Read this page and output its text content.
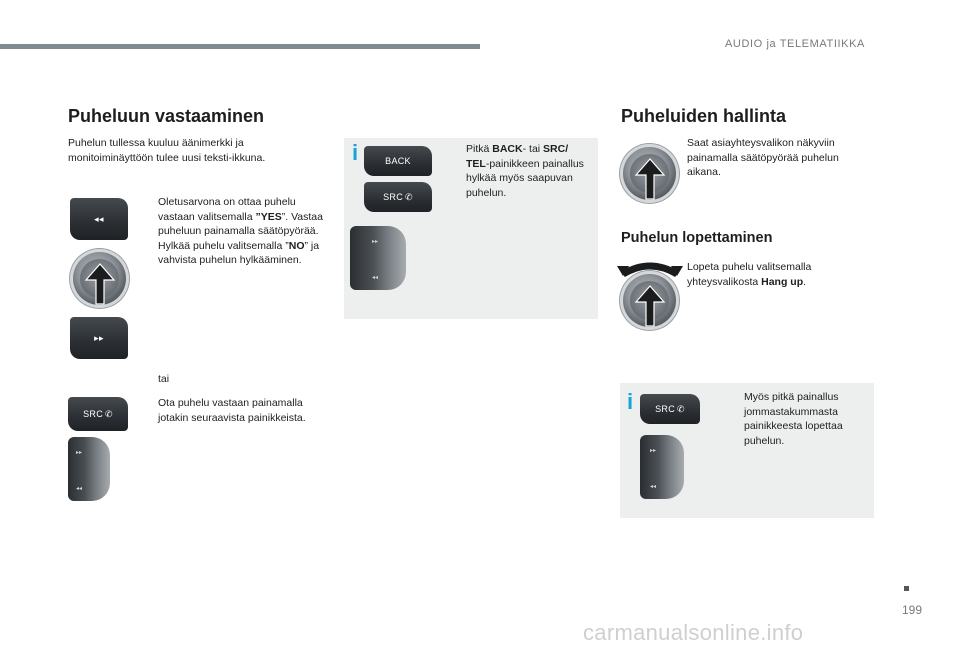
AUDIO ja TELEMATIIKKA
Puheluun vastaaminen
Puhelun tullessa kuuluu äänimerkki ja monitoiminäyttöön tulee uusi teksti-ikkuna.
◂◂
▸▸
Oletusarvona on ottaa puhelu vastaan valitsemalla ”YES”. Vastaa puheluun painamalla säätöpyörää.
Hylkää puhelu valitsemalla ”NO” ja vahvista puhelun hylkääminen.
tai
SRC ✆
▸▸
◂◂
Ota puhelu vastaan painamalla jotakin seuraavista painikkeista.
i	BACK
SRC ✆
▸▸
◂◂
Pitkä BACK- tai SRC/ TEL-painikkeen painallus hylkää myös saapuvan puhelun.
Puheluiden hallinta
Saat asiayhteysvalikon näkyviin painamalla säätöpyörää puhelun aikana.
Puhelun lopettaminen
Lopeta puhelu valitsemalla yhteysvalikosta Hang up.
i SRC ✆
▸▸
◂◂
Myös pitkä painallus jommastakummasta painikkeesta lopettaa puhelun.
199
carmanualsonline.info
